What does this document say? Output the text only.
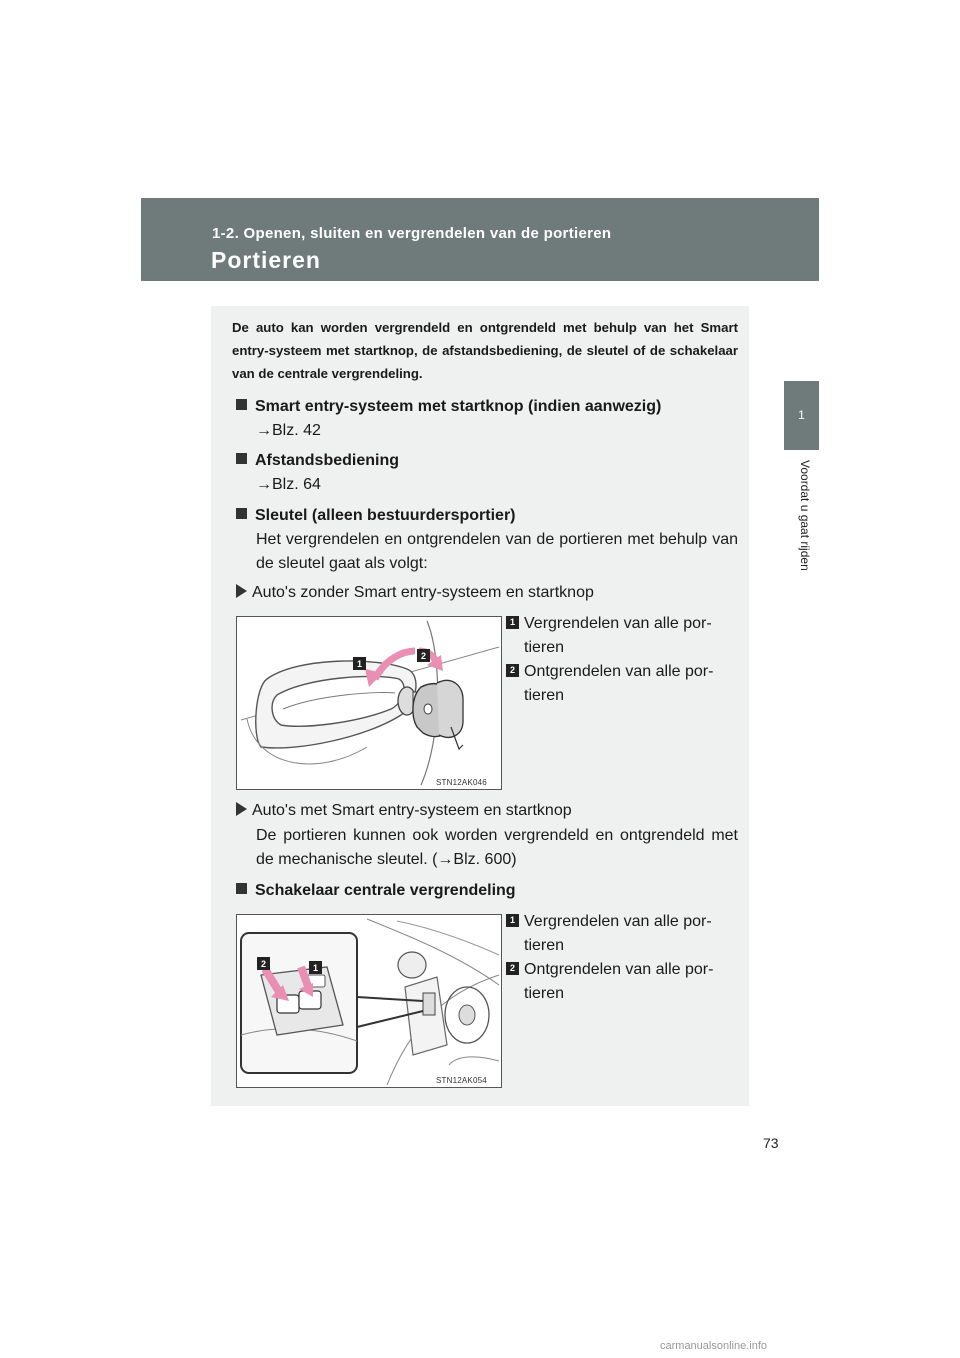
1-2. Openen, sluiten en vergrendelen van de portieren
Portieren
1
Voordat u gaat rijden
De auto kan worden vergrendeld en ontgrendeld met behulp van het Smart entry-systeem met startknop, de afstandsbediening, de sleutel of de schakelaar van de centrale vergrendeling.
Smart entry-systeem met startknop (indien aanwezig)
→Blz. 42
Afstandsbediening
→Blz. 64
Sleutel (alleen bestuurdersportier)
Het vergrendelen en ontgrendelen van de portieren met behulp van de sleutel gaat als volgt:
Auto's zonder Smart entry-systeem en startknop
1
2
STN12AK046
1 Vergrendelen van alle por-
tieren
2 Ontgrendelen van alle por-
tieren
Auto's met Smart entry-systeem en startknop
De portieren kunnen ook worden vergrendeld en ontgrendeld met de mechanische sleutel. (→Blz. 600)
Schakelaar centrale vergrendeling
2	1
STN12AK054
1 Vergrendelen van alle por-
tieren
2 Ontgrendelen van alle por-
tieren
73
carmanualsonline.info
